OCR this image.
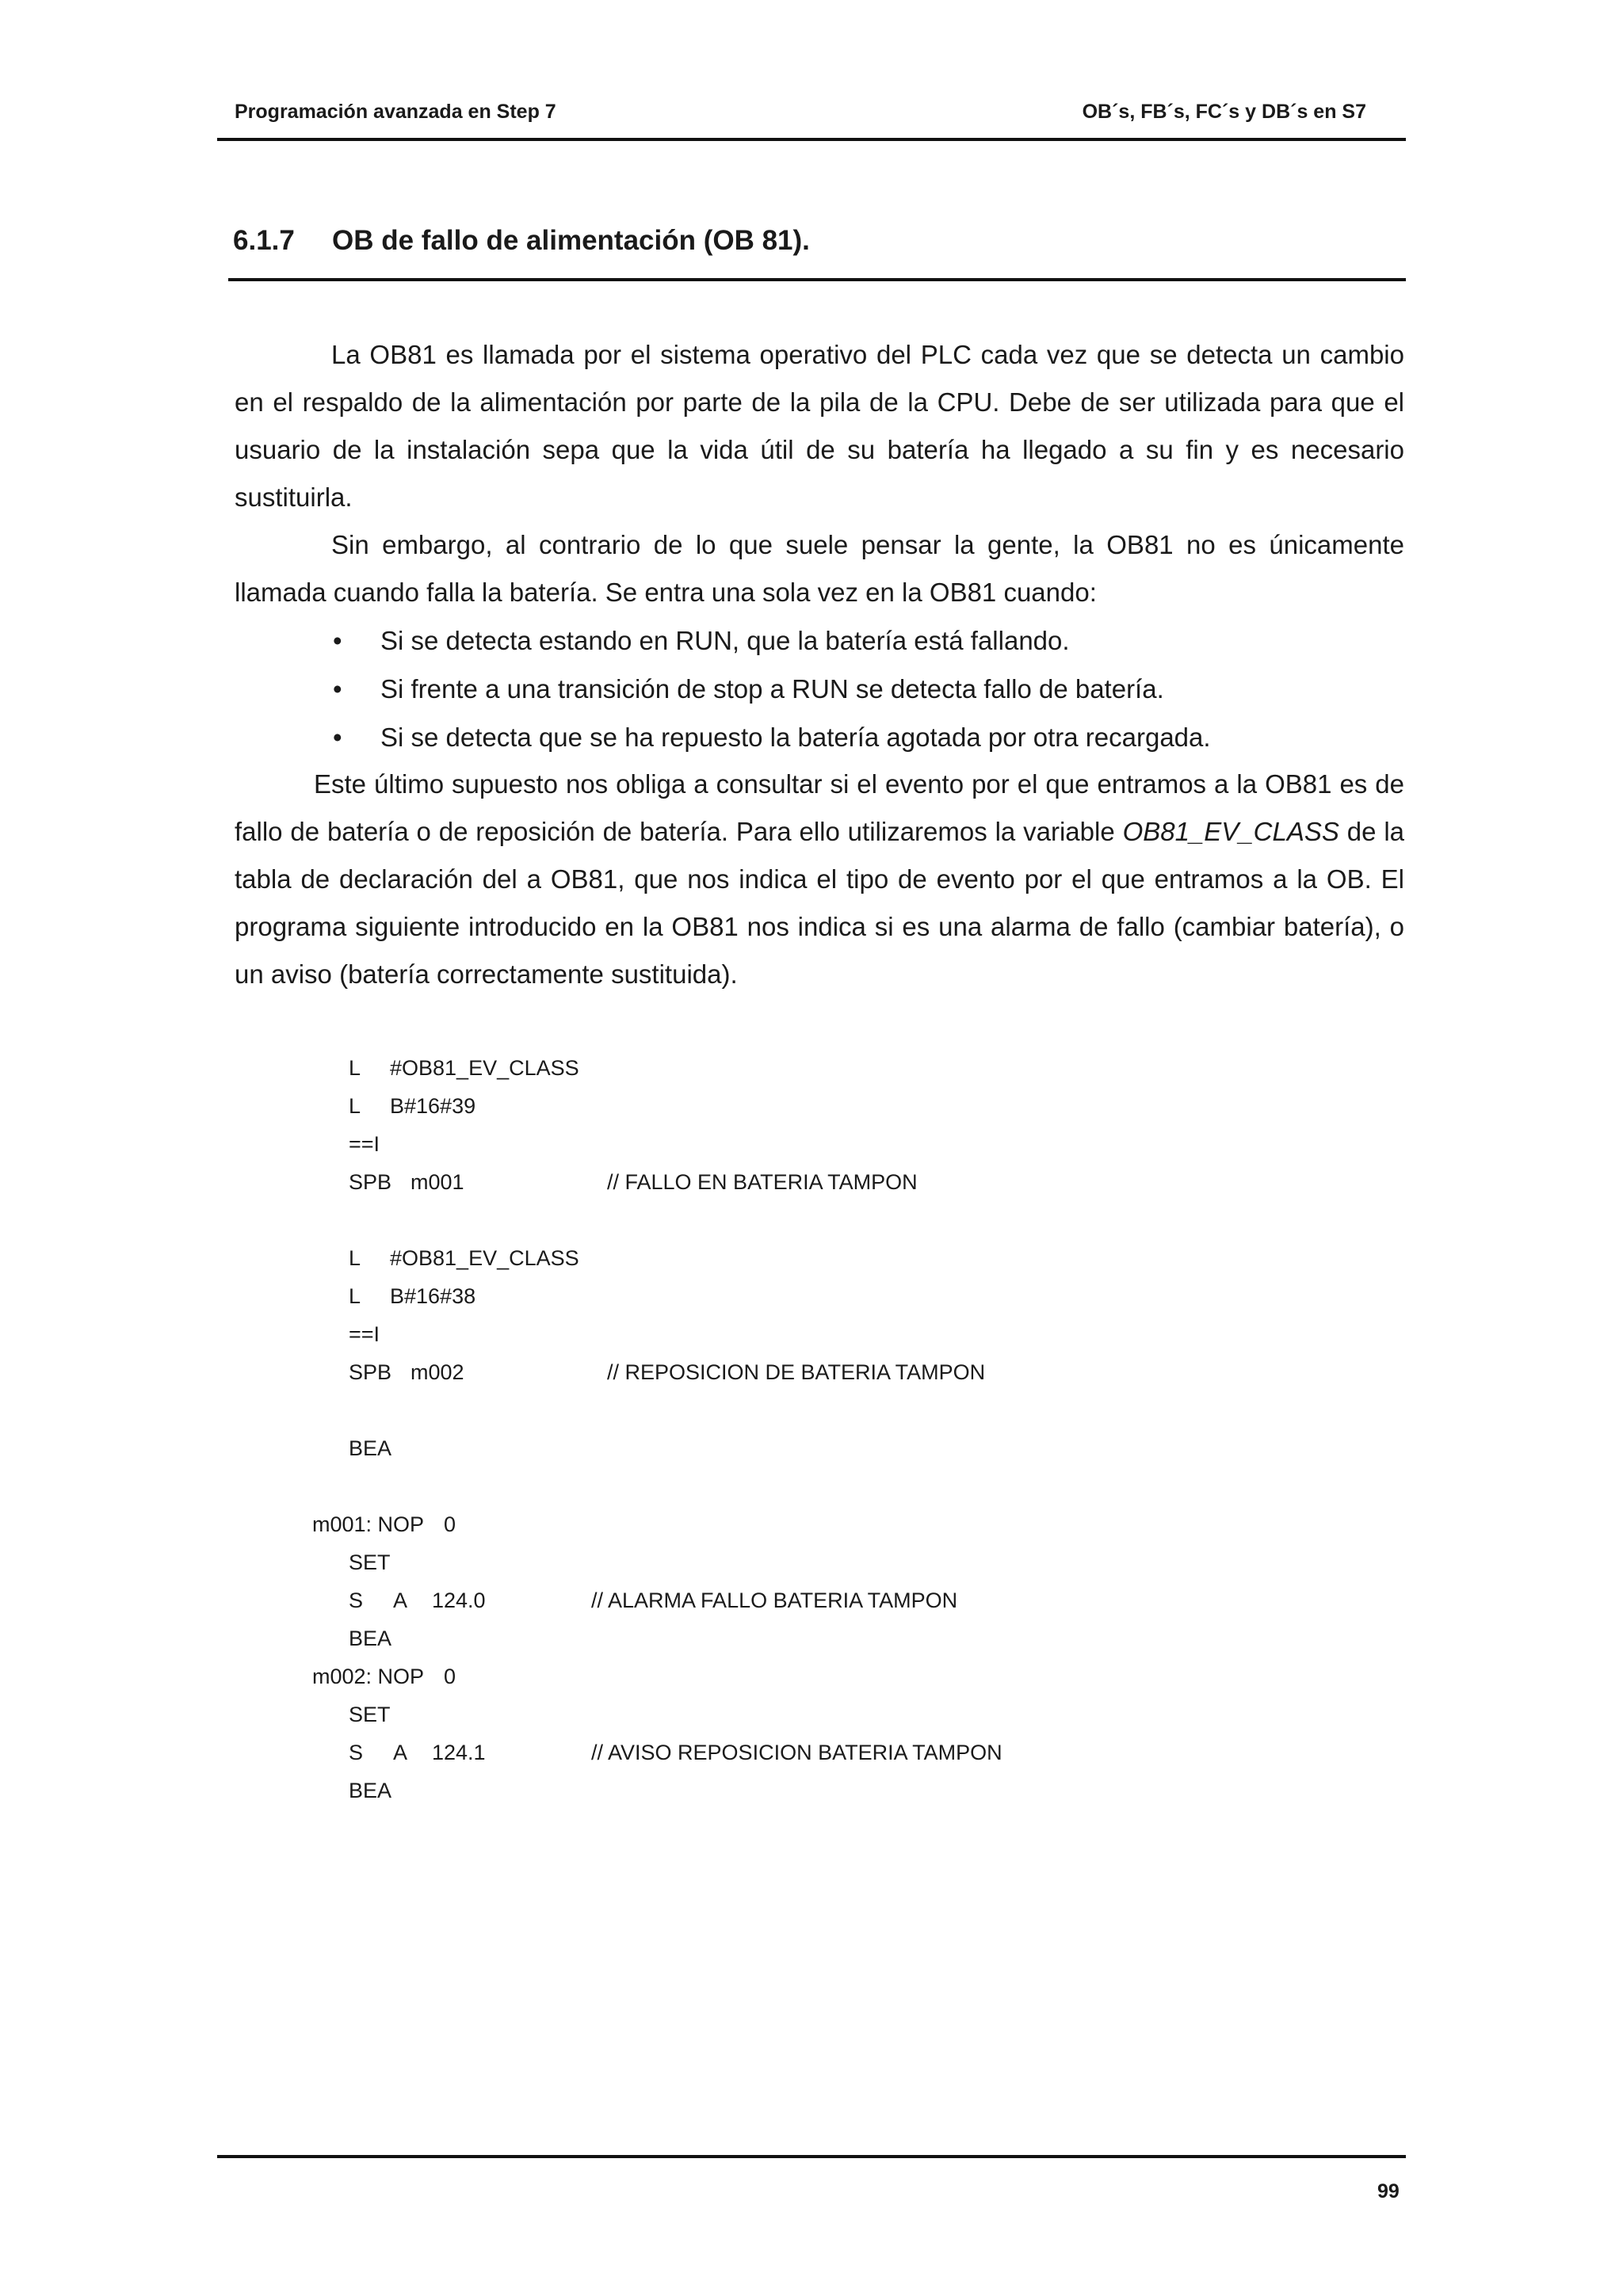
Programación avanzada en Step 7	OB´s, FB´s, FC´s y DB´s en S7
6.1.7 OB de fallo de alimentación (OB 81).

La OB81 es llamada por el sistema operativo del PLC cada vez que se detecta un cambio en el respaldo de la alimentación por parte de la pila de la CPU. Debe de ser utilizada para que el usuario de la instalación sepa que la vida útil de su batería ha llegado a su fin y es necesario sustituirla.

Sin embargo, al contrario de lo que suele pensar la gente, la OB81 no es únicamente llamada cuando falla la batería. Se entra una sola vez en la OB81 cuando:

• Si se detecta estando en RUN, que la batería está fallando.
• Si frente a una transición de stop a RUN se detecta fallo de batería.
• Si se detecta que se ha repuesto la batería agotada por otra recargada.

Este último supuesto nos obliga a consultar si el evento por el que entramos a la OB81 es de fallo de batería o de reposición de batería. Para ello utilizaremos la variable OB81_EV_CLASS de la tabla de declaración del a OB81, que nos indica el tipo de evento por el que entramos a la OB. El programa siguiente introducido en la OB81 nos indica si es una alarma de fallo (cambiar batería), o un aviso (batería correctamente sustituida).

L #OB81_EV_CLASS
L B#16#39
==I
SPB m001	// FALLO EN BATERIA TAMPON
L #OB81_EV_CLASS
L B#16#38
==I
SPB m002	// REPOSICION DE BATERIA TAMPON
BEA
m001: NOP 0
SET
S A 124.0	// ALARMA FALLO BATERIA TAMPON
BEA
m002: NOP 0
SET
S A 124.1	// AVISO REPOSICION BATERIA TAMPON
BEA
99
